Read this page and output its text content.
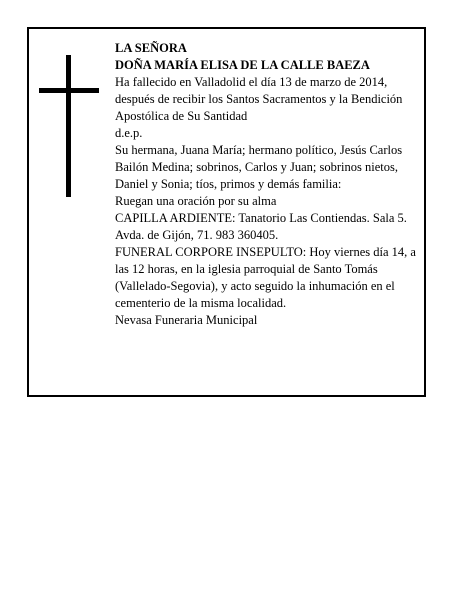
LA SEÑORA

DOÑA MARÍA ELISA DE LA CALLE BAEZA

Ha fallecido en Valladolid el día 13 de marzo de 2014, después de recibir los Santos Sacramentos y la Bendición Apostólica de Su Santidad

d.e.p.

Su hermana, Juana María; hermano político, Jesús Carlos Bailón Medina; sobrinos, Carlos y Juan; sobrinos nietos, Daniel y Sonia; tíos, primos y demás familia:

Ruegan una oración por su alma

CAPILLA ARDIENTE: Tanatorio Las Contiendas. Sala 5. Avda. de Gijón, 71. 983 360405.

FUNERAL CORPORE INSEPULTO: Hoy viernes día 14, a las 12 horas, en la iglesia parroquial de Santo Tomás (Vallelado-Segovia), y acto seguido la inhumación en el cementerio de la misma localidad.

Nevasa Funeraria Municipal
